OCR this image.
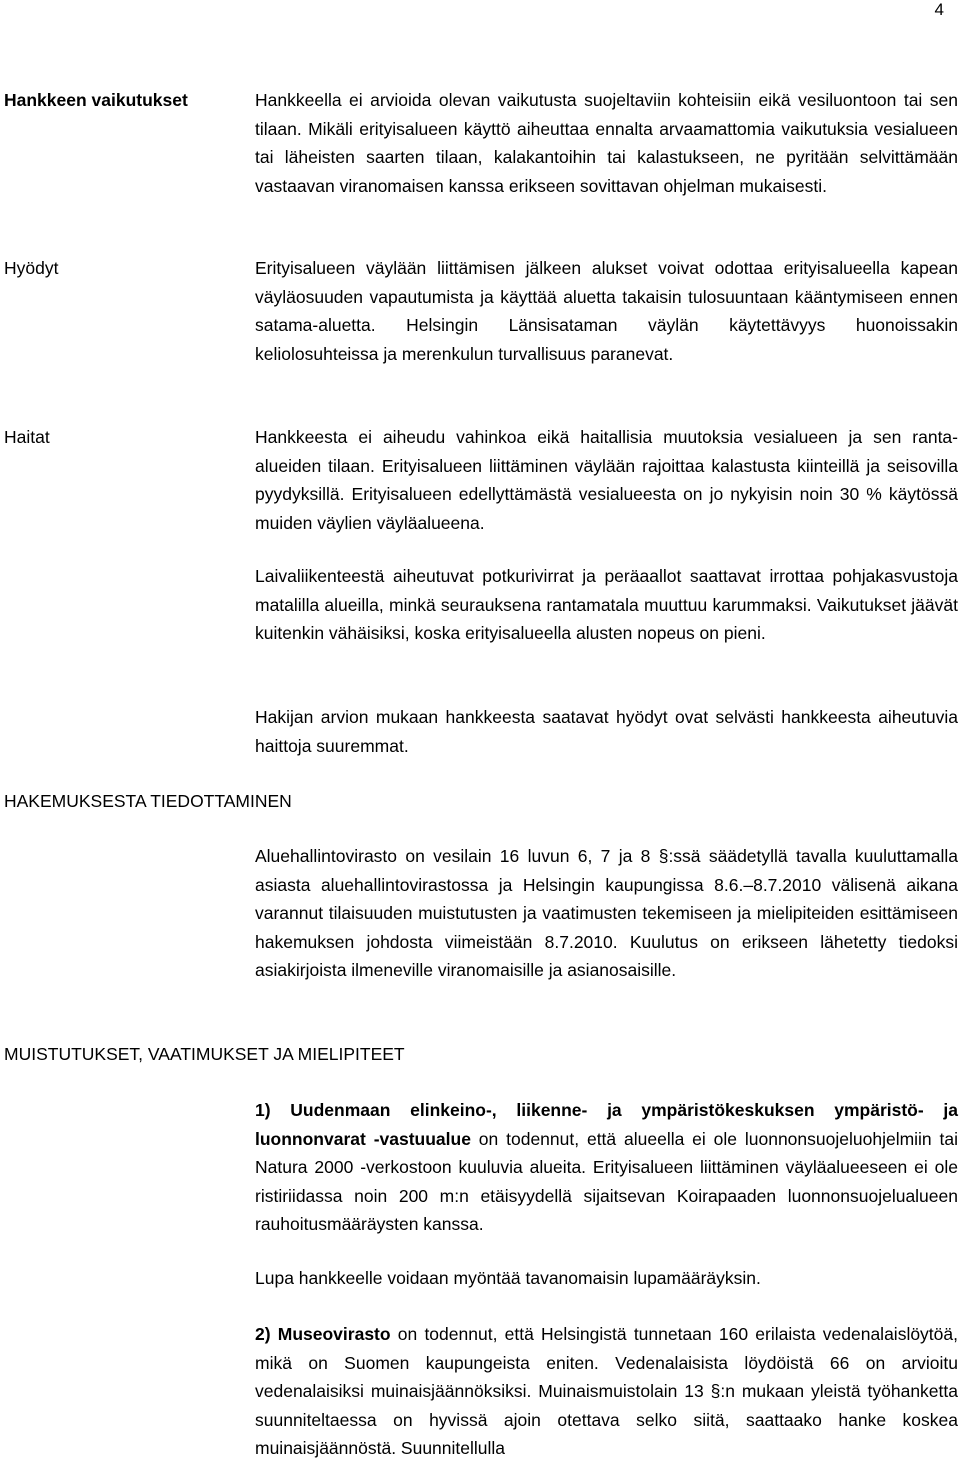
4
Hankkeen vaikutukset	Hankkeella ei arvioida olevan vaikutusta suojeltaviin kohteisiin eikä vesiluontoon tai sen tilaan. Mikäli erityisalueen käyttö aiheuttaa ennalta arvaamattomia vaikutuksia vesialueen tai läheisten saarten tilaan, kalakantoihin tai kalastukseen, ne pyritään selvittämään vastaavan viranomaisen kanssa erikseen sovittavan ohjelman mukaisesti.

Hyödyt	Erityisalueen väylään liittämisen jälkeen alukset voivat odottaa erityisalueella kapean väyläosuuden vapautumista ja käyttää aluetta takaisin tulosuuntaan kääntymiseen ennen satama-aluetta. Helsingin Länsisataman väylän käytettävyys huonoissakin keliolosuhteissa ja merenkulun turvallisuus paranevat.

Haitat	Hankkeesta ei aiheudu vahinkoa eikä haitallisia muutoksia vesialueen ja sen ranta-alueiden tilaan. Erityisalueen liittäminen väylään rajoittaa kalastusta kiinteillä ja seisovilla pyydyksillä. Erityisalueen edellyttämästä vesialueesta on jo nykyisin noin 30 % käytössä muiden väylien väyläalueena.

Laivaliikenteestä aiheutuvat potkurivirrat ja peräaallot saattavat irrottaa pohjakasvustoja matalilla alueilla, minkä seurauksena rantamatala muuttuu karummaksi. Vaikutukset jäävät kuitenkin vähäisiksi, koska erityisalueella alusten nopeus on pieni.

Hakijan arvion mukaan hankkeesta saatavat hyödyt ovat selvästi hankkeesta aiheutuvia haittoja suuremmat.

HAKEMUKSESTA TIEDOTTAMINEN

Aluehallintovirasto on vesilain 16 luvun 6, 7 ja 8 §:ssä säädetyllä tavalla kuuluttamalla asiasta aluehallintovirastossa ja Helsingin kaupungissa 8.6.–8.7.2010 välisenä aikana varannut tilaisuuden muistutusten ja vaatimusten tekemiseen ja mielipiteiden esittämiseen hakemuksen johdosta viimeistään 8.7.2010. Kuulutus on erikseen lähetetty tiedoksi asiakirjoista ilmeneville viranomaisille ja asianosaisille.

MUISTUTUKSET, VAATIMUKSET JA MIELIPITEET

1) Uudenmaan elinkeino-, liikenne- ja ympäristökeskuksen ympäristö- ja luonnonvarat -vastuualue on todennut, että alueella ei ole luonnonsuojeluohjelmiin tai Natura 2000 -verkostoon kuuluvia alueita. Erityisalueen liittäminen väyläalueeseen ei ole ristiriidassa noin 200 m:n etäisyydellä sijaitsevan Koirapaaden luonnonsuojelualueen rauhoitusmääräysten kanssa.

Lupa hankkeelle voidaan myöntää tavanomaisin lupamääräyksin.

2) Museovirasto on todennut, että Helsingistä tunnetaan 160 erilaista vedenalaislöytöä, mikä on Suomen kaupungeista eniten. Vedenalaisista löydöistä 66 on arvioitu vedenalaisiksi muinaisjäännöksiksi. Muinaismuistolain 13 §:n mukaan yleistä työhanketta suunniteltaessa on hyvissä ajoin otettava selko siitä, saattaako hanke koskea muinaisjäännöstä. Suunnitellulla
